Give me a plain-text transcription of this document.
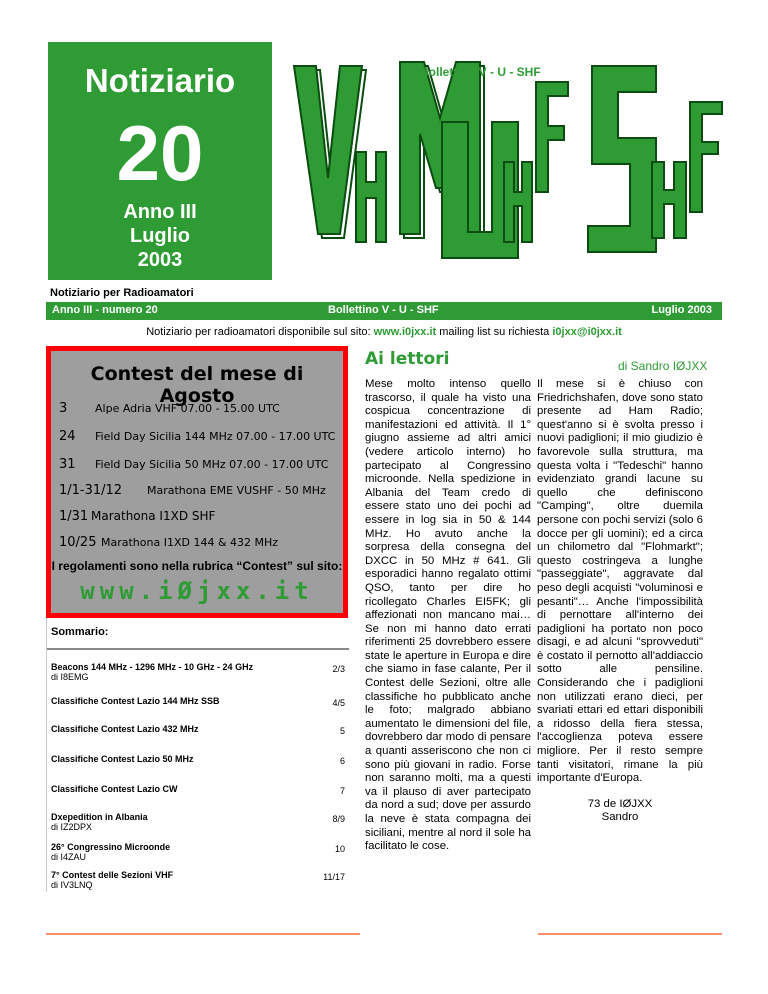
Notiziario
20
Anno III
Luglio
2003
Bollettino V - U - SHF
Notiziario per Radioamatori
Anno III - numero 20	Bollettino V - U - SHF	Luglio 2003
Notiziario per radioamatori disponibile sul sito: www.i0jxx.it mailing list su richiesta i0jxx@i0jxx.it
Contest del mese di Agosto
3	Alpe Adria VHF 07.00 - 15.00 UTC
24 Field Day Sicilia 144 MHz 07.00 - 17.00 UTC
31 Field Day Sicilia 50 MHz 07.00 - 17.00 UTC
1/1-31/12 Marathona EME VUSHF - 50 MHz
1/31 Marathona I1XD SHF
10/25 Marathona I1XD 144 & 432 MHz
I regolamenti sono nella rubrica “Contest” sul sito:
www.iØjxx.it
Sommario:
Beacons 144 MHz - 1296 MHz - 10 GHz - 24 GHz
di I8EMG
2/3
Classifiche Contest Lazio 144 MHz SSB	4/5
Classifiche Contest Lazio 432 MHz	5
Classifiche Contest Lazio 50 MHz	6
Classifiche Contest Lazio CW	7
Dxepedition in Albania
di IZ2DPX
8/9
26° Congressino Microonde
di I4ZAU
10
7° Contest delle Sezioni VHF
di IV3LNQ
11/17
Ai lettori	di Sandro IØJXX
Mese molto intenso quello trascorso, il quale ha visto una cospicua concentrazione di manifestazioni ed attività. Il 1° giugno assieme ad altri amici (vedere articolo interno) ho partecipato al Congressino microonde. Nella spedizione in Albania del Team credo di essere stato uno dei pochi ad essere in log sia in 50 & 144 MHz. Ho avuto anche la sorpresa della consegna del DXCC in 50 MHz # 641. Gli esporadici hanno regalato ottimi QSO, tanto per dire ho ricollegato Charles EI5FK; gli affezionati non mancano mai… Se non mi hanno dato errati riferimenti 25 dovrebbero essere state le aperture in Europa e dire che siamo in fase calante, Per il Contest delle Sezioni, oltre alle classifiche ho pubblicato anche le foto; malgrado abbiano aumentato le dimensioni del file, dovrebbero dar modo di pensare a quanti asseriscono che non ci sono più giovani in radio. Forse non saranno molti, ma a questi va il plauso di aver partecipato da nord a sud; dove per assurdo la neve è stata compagna dei siciliani, mentre al nord il sole ha facilitato le cose.
Il mese si è chiuso con Friedrichshafen, dove sono stato presente ad Ham Radio; quest'anno si è svolta presso i nuovi padiglioni; il mio giudizio è favorevole sulla struttura, ma questa volta i "Tedeschi" hanno evidenziato grandi lacune su quello che definiscono "Camping", oltre duemila persone con pochi servizi (solo 6 docce per gli uomini); ed a circa un chilometro dal "Flohmarkt"; questo costringeva a lunghe "passeggiate", aggravate dal peso degli acquisti "voluminosi e pesanti"… Anche l'impossibilità di pernottare all'interno dei padiglioni ha portato non poco disagi, e ad alcuni "sprovveduti" è costato il pernotto all'addiaccio sotto alle pensiline. Considerando che i padiglioni non utilizzati erano dieci, per svariati ettari ed ettari disponibili a ridosso della fiera stessa, l'accoglienza poteva essere migliore. Per il resto sempre tanti visitatori, rimane la più importante d'Europa.
73 de IØJXX
Sandro
